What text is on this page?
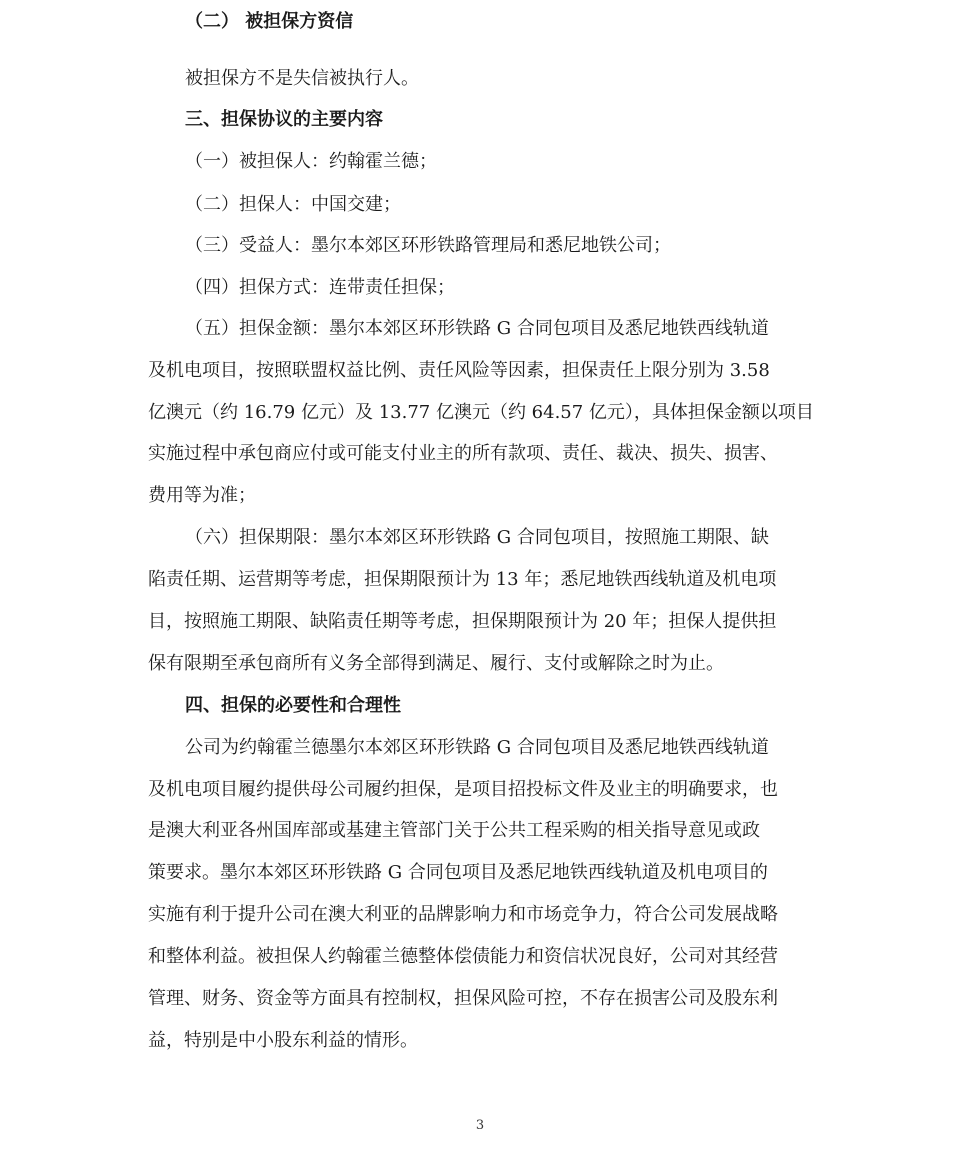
（二） 被担保方资信
被担保方不是失信被执行人。
三、担保协议的主要内容
（一）被担保人：约翰霍兰德；
（二）担保人：中国交建；
（三）受益人：墨尔本郊区环形铁路管理局和悉尼地铁公司；
（四）担保方式：连带责任担保；
（五）担保金额：墨尔本郊区环形铁路 G 合同包项目及悉尼地铁西线轨道
及机电项目，按照联盟权益比例、责任风险等因素，担保责任上限分别为 3.58
亿澳元（约 16.79 亿元）及 13.77 亿澳元（约 64.57 亿元），具体担保金额以项目
实施过程中承包商应付或可能支付业主的所有款项、责任、裁决、损失、损害、
费用等为准；
（六）担保期限：墨尔本郊区环形铁路 G 合同包项目，按照施工期限、缺
陷责任期、运营期等考虑，担保期限预计为 13 年；悉尼地铁西线轨道及机电项
目，按照施工期限、缺陷责任期等考虑，担保期限预计为 20 年；担保人提供担
保有限期至承包商所有义务全部得到满足、履行、支付或解除之时为止。
四、担保的必要性和合理性
公司为约翰霍兰德墨尔本郊区环形铁路 G 合同包项目及悉尼地铁西线轨道
及机电项目履约提供母公司履约担保，是项目招投标文件及业主的明确要求，也
是澳大利亚各州国库部或基建主管部门关于公共工程采购的相关指导意见或政
策要求。墨尔本郊区环形铁路 G 合同包项目及悉尼地铁西线轨道及机电项目的
实施有利于提升公司在澳大利亚的品牌影响力和市场竞争力，符合公司发展战略
和整体利益。被担保人约翰霍兰德整体偿债能力和资信状况良好，公司对其经营
管理、财务、资金等方面具有控制权，担保风险可控，不存在损害公司及股东利
益，特别是中小股东利益的情形。
3
